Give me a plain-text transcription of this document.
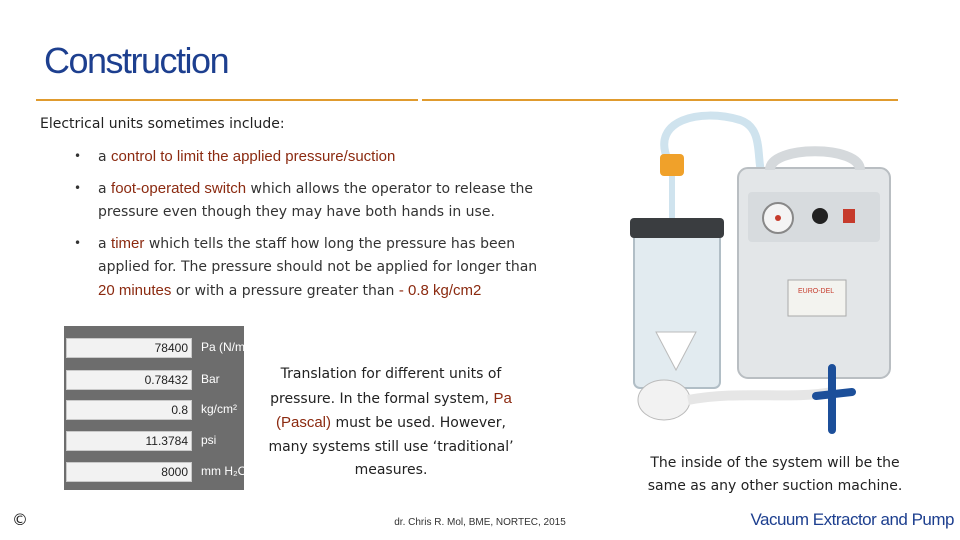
Construction
Electrical units sometimes include:
• a control to limit the applied pressure/suction
• a foot-operated switch which allows the operator to release the pressure even though they may have both hands in use.
• a timer which tells the staff how long the pressure has been applied for. The pressure should not be applied for longer than 20 minutes or with a pressure greater than - 0.8 kg/cm2
78400	Pa (N/m²)
0.78432	Bar
0.8	kg/cm²
11.3784	psi
8000	mm H₂O @ 4° C
Translation for different units of pressure. In the formal system, Pa (Pascal) must be used. However, many systems still use ‘traditional’ measures.
EURO-DEL
The inside of the system will be the same as any other suction machine.
©	dr. Chris R. Mol, BME, NORTEC, 2015	Vacuum Extractor and Pump
